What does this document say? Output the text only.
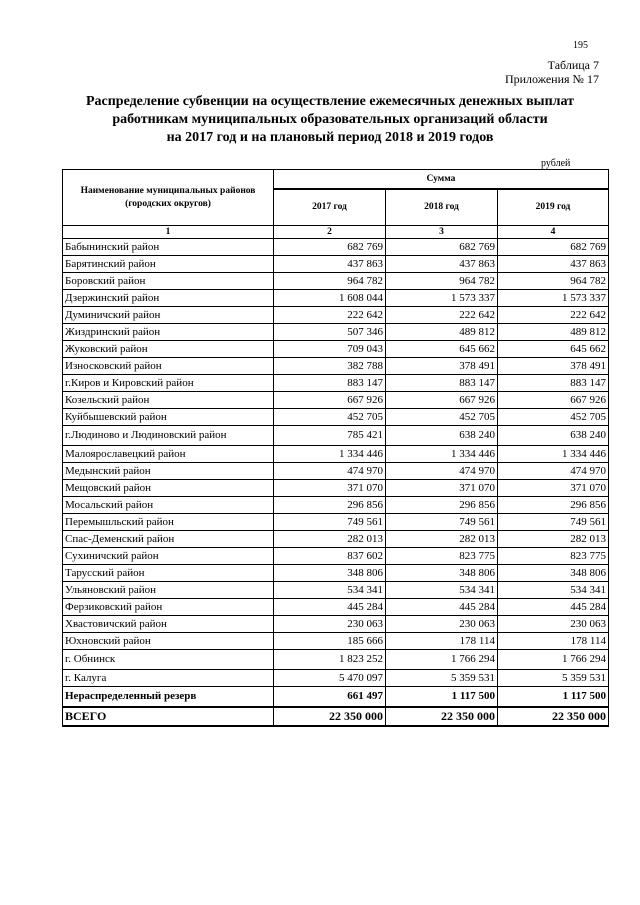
195
Таблица 7
Приложения № 17
Распределение субвенции на осуществление ежемесячных денежных выплат
работникам муниципальных образовательных организаций области
на 2017 год и на плановый период 2018 и 2019 годов
рублей
Наименование муниципальных районов (городских округов)	Сумма		
	2017 год	2018 год	2019 год
1	2	3	4
Бабынинский район	682 769	682 769	682 769
Барятинский район	437 863	437 863	437 863
Боровский район	964 782	964 782	964 782
Дзержинский район	1 608 044	1 573 337	1 573 337
Думиничский район	222 642	222 642	222 642
Жиздринский район	507 346	489 812	489 812
Жуковский район	709 043	645 662	645 662
Износковский район	382 788	378 491	378 491
г.Киров и Кировский район	883 147	883 147	883 147
Козельский район	667 926	667 926	667 926
Куйбышевский район	452 705	452 705	452 705
г.Людиново и Людиновский район	785 421	638 240	638 240
Малоярославецкий район	1 334 446	1 334 446	1 334 446
Медынский район	474 970	474 970	474 970
Мещовский район	371 070	371 070	371 070
Мосальский район	296 856	296 856	296 856
Перемышльский район	749 561	749 561	749 561
Спас-Деменский район	282 013	282 013	282 013
Сухиничский район	837 602	823 775	823 775
Тарусский район	348 806	348 806	348 806
Ульяновский район	534 341	534 341	534 341
Ферзиковский район	445 284	445 284	445 284
Хвастовичский район	230 063	230 063	230 063
Юхновский район	185 666	178 114	178 114
г. Обнинск	1 823 252	1 766 294	1 766 294
г. Калуга	5 470 097	5 359 531	5 359 531
Нераспределенный резерв	661 497	1 117 500	1 117 500
ВСЕГО	22 350 000	22 350 000	22 350 000
